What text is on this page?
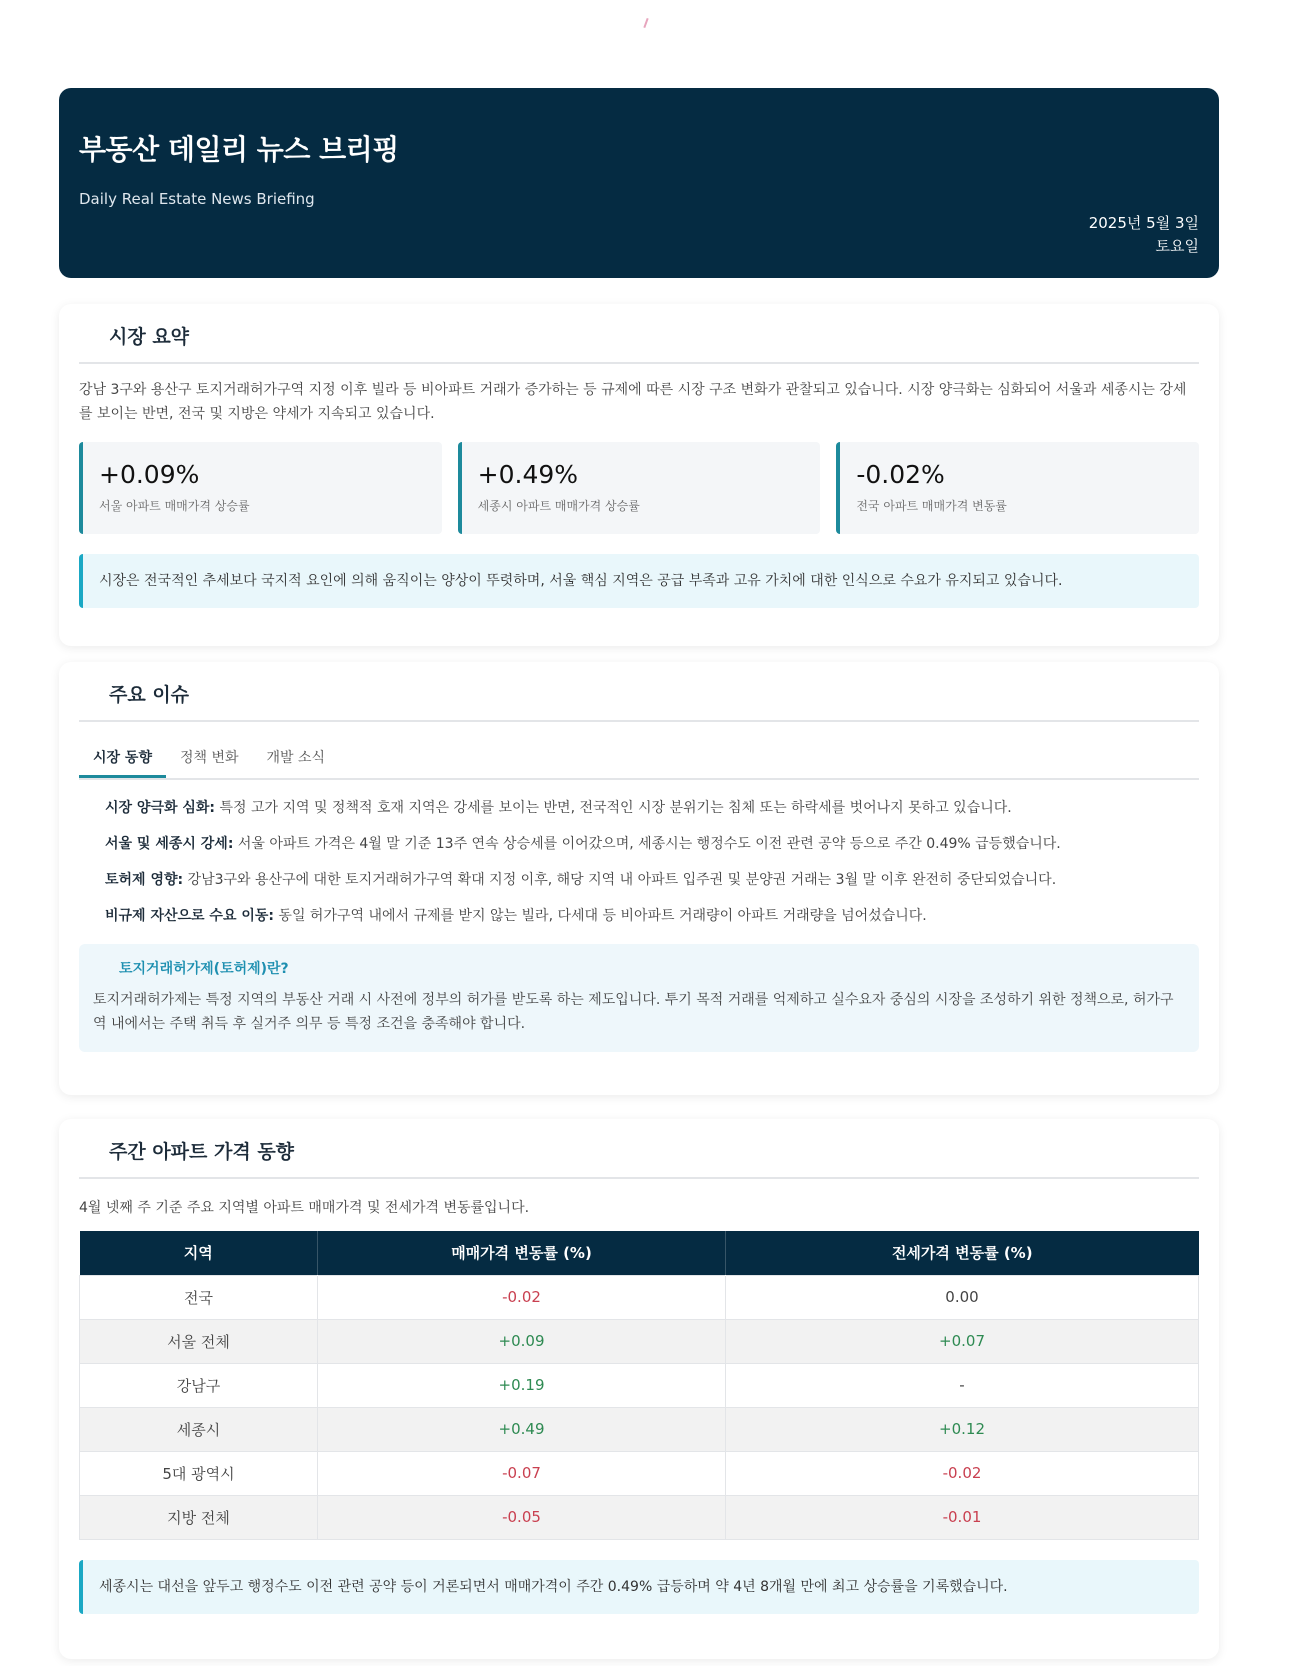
부동산 데일리 뉴스 브리핑
Daily Real Estate News Briefing
2025년 5월 3일
토요일
시장 요약

강남 3구와 용산구 토지거래허가구역 지정 이후 빌라 등 비아파트 거래가 증가하는 등 규제에 따른 시장 구조 변화가 관찰되고 있습니다. 시장 양극화는 심화되어 서울과 세종시는 강세를 보이는 반면, 전국 및 지방은 약세가 지속되고 있습니다.

+0.09%
서울 아파트 매매가격 상승률
+0.49%
세종시 아파트 매매가격 상승률
-0.02%
전국 아파트 매매가격 변동률
시장은 전국적인 추세보다 국지적 요인에 의해 움직이는 양상이 뚜렷하며, 서울 핵심 지역은 공급 부족과 고유 가치에 대한 인식으로 수요가 유지되고 있습니다.
주요 이슈
시장 동향	정책 변화	개발 소식
시장 양극화 심화: 특정 고가 지역 및 정책적 호재 지역은 강세를 보이는 반면, 전국적인 시장 분위기는 침체 또는 하락세를 벗어나지 못하고 있습니다.
서울 및 세종시 강세: 서울 아파트 가격은 4월 말 기준 13주 연속 상승세를 이어갔으며, 세종시는 행정수도 이전 관련 공약 등으로 주간 0.49% 급등했습니다.
토허제 영향: 강남3구와 용산구에 대한 토지거래허가구역 확대 지정 이후, 해당 지역 내 아파트 입주권 및 분양권 거래는 3월 말 이후 완전히 중단되었습니다.
비규제 자산으로 수요 이동: 동일 허가구역 내에서 규제를 받지 않는 빌라, 다세대 등 비아파트 거래량이 아파트 거래량을 넘어섰습니다.
토지거래허가제(토허제)란?

토지거래허가제는 특정 지역의 부동산 거래 시 사전에 정부의 허가를 받도록 하는 제도입니다. 투기 목적 거래를 억제하고 실수요자 중심의 시장을 조성하기 위한 정책으로, 허가구역 내에서는 주택 취득 후 실거주 의무 등 특정 조건을 충족해야 합니다.

주간 아파트 가격 동향

4월 넷째 주 기준 주요 지역별 아파트 매매가격 및 전세가격 변동률입니다.

지역	매매가격 변동률 (%)	전세가격 변동률 (%)
전국	-0.02	0.00
서울 전체	+0.09	+0.07
강남구	+0.19	-
세종시	+0.49	+0.12
5대 광역시	-0.07	-0.02
지방 전체	-0.05	-0.01
세종시는 대선을 앞두고 행정수도 이전 관련 공약 등이 거론되면서 매매가격이 주간 0.49% 급등하며 약 4년 8개월 만에 최고 상승률을 기록했습니다.
